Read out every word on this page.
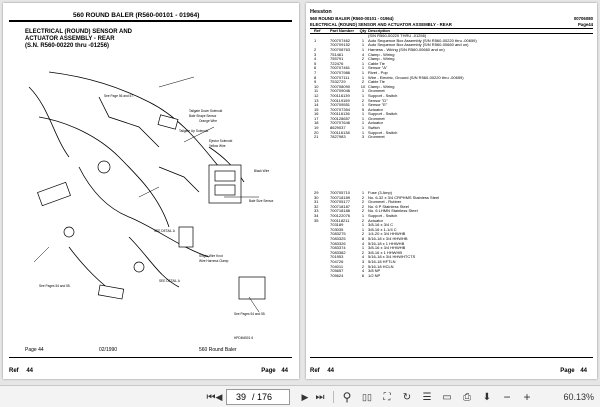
560 ROUND BALER (R560-00101 - 01964)
ELECTRICAL (ROUND) SENSOR AND
ACTUATOR ASSEMBLY - REAR
(S.N. R560-00220 thru -01256)
Tailgate Down Solenoid
Bale Shape Sensor
Orange Wire
Tailgate Up Solenoid
Ejector Solenoid
Yellow Wire
Black Wire
Bale Size Sensor
SEE DETAIL A
Single Wire Knot
Wire Harness Clamp
See Pages 54 and 55.
SEE DETAIL A
See Pages 54 and 55.
See Page 56 and 57.
HPDM4501 6
Page 44	02/1990	560 Round Baler
Ref 44	Page 44
Hesston
560 ROUND BALER (R560-00101 - 01964)	00706080
ELECTRICAL (ROUND) SENSOR AND ACTUATOR ASSEMBLY - REAR	Page44
Ref	Part Number	Qty Description
(S/N R560-00220 THRU -01256)
1	700707462	1 Auto Sequence Box Assembly (S/N R560-00220 thru -00659)
700709152	1 Auto Sequence Box Assembly (S/N R560-00660 and on)
2	700708763	1 Harness - Wiring (S/N R560-00660 and on)
3	751461	4 Clamp - Wiring
4	755791	2 Clamp - Wiring
5	722476	1 Cable Tie
6	700707461	1 Sensor "A"
7	700707986	1 Rivet - Pop
8	700707111	1 Wire - Electric, Ground (S/N R560-00220 thru -00659)
9	7532729	2 Cable Tie
10	700708090	10 Clamp - Wiring
11	700709046	1 Grommet
12	700116139	1 Support - Switch
13	700119159	2 Sensor "D"
14	700709551	1 Sensor "E"
15	700707354	5 Actuator
16	700116136	1 Support - Switch
17	700128657	1 Grommet
18	700707646	1 Actuator
19	8629037	1 Switch
20	700116138	1 Support - Switch
21	7827983	3 Grommet
29	700705710	1 Fuse (3 Amp)
30	700718189	2 No. 6-32 x 3/4 CRPHMS Stainless Steel
31	700705177	2 Grommet - Rubber
32	700718187	2 No. 6 P Stainless Steel
33	700718188	2 No. 6 LHMN Stainless Steel
34	700122076	1 Support - Switch
35	700118211	2 Actuator
703189	1 3/8-16 x 3/4 C
703035	1 3/8-16 x 1-1/4 C
7083275	2 1/4-20 x 3/4 HHWHB
7083325	8 5/16-18 x 3/4 HHWHB
7083326	4 5/16-18 x 1 HHWHB
7083374	1 3/8-16 x 3/4 HHWHB
7083382	2 3/8-16 x 1 HHWHB
701953	4 5/16-18 x 3/4 HHWHTCTS
704726	3 5/16-18 HFTLN
704011	2 5/16-18 HCLN
705657	4 3/8 NP
705624	6 1/2 NP
Ref 44	Page 44
⏮ ◀	39 / 176	▶ ⏭ ⚲ ▯▯	⛶	↻ ☰ ▭	⎙	⬇ − +	60.13%
